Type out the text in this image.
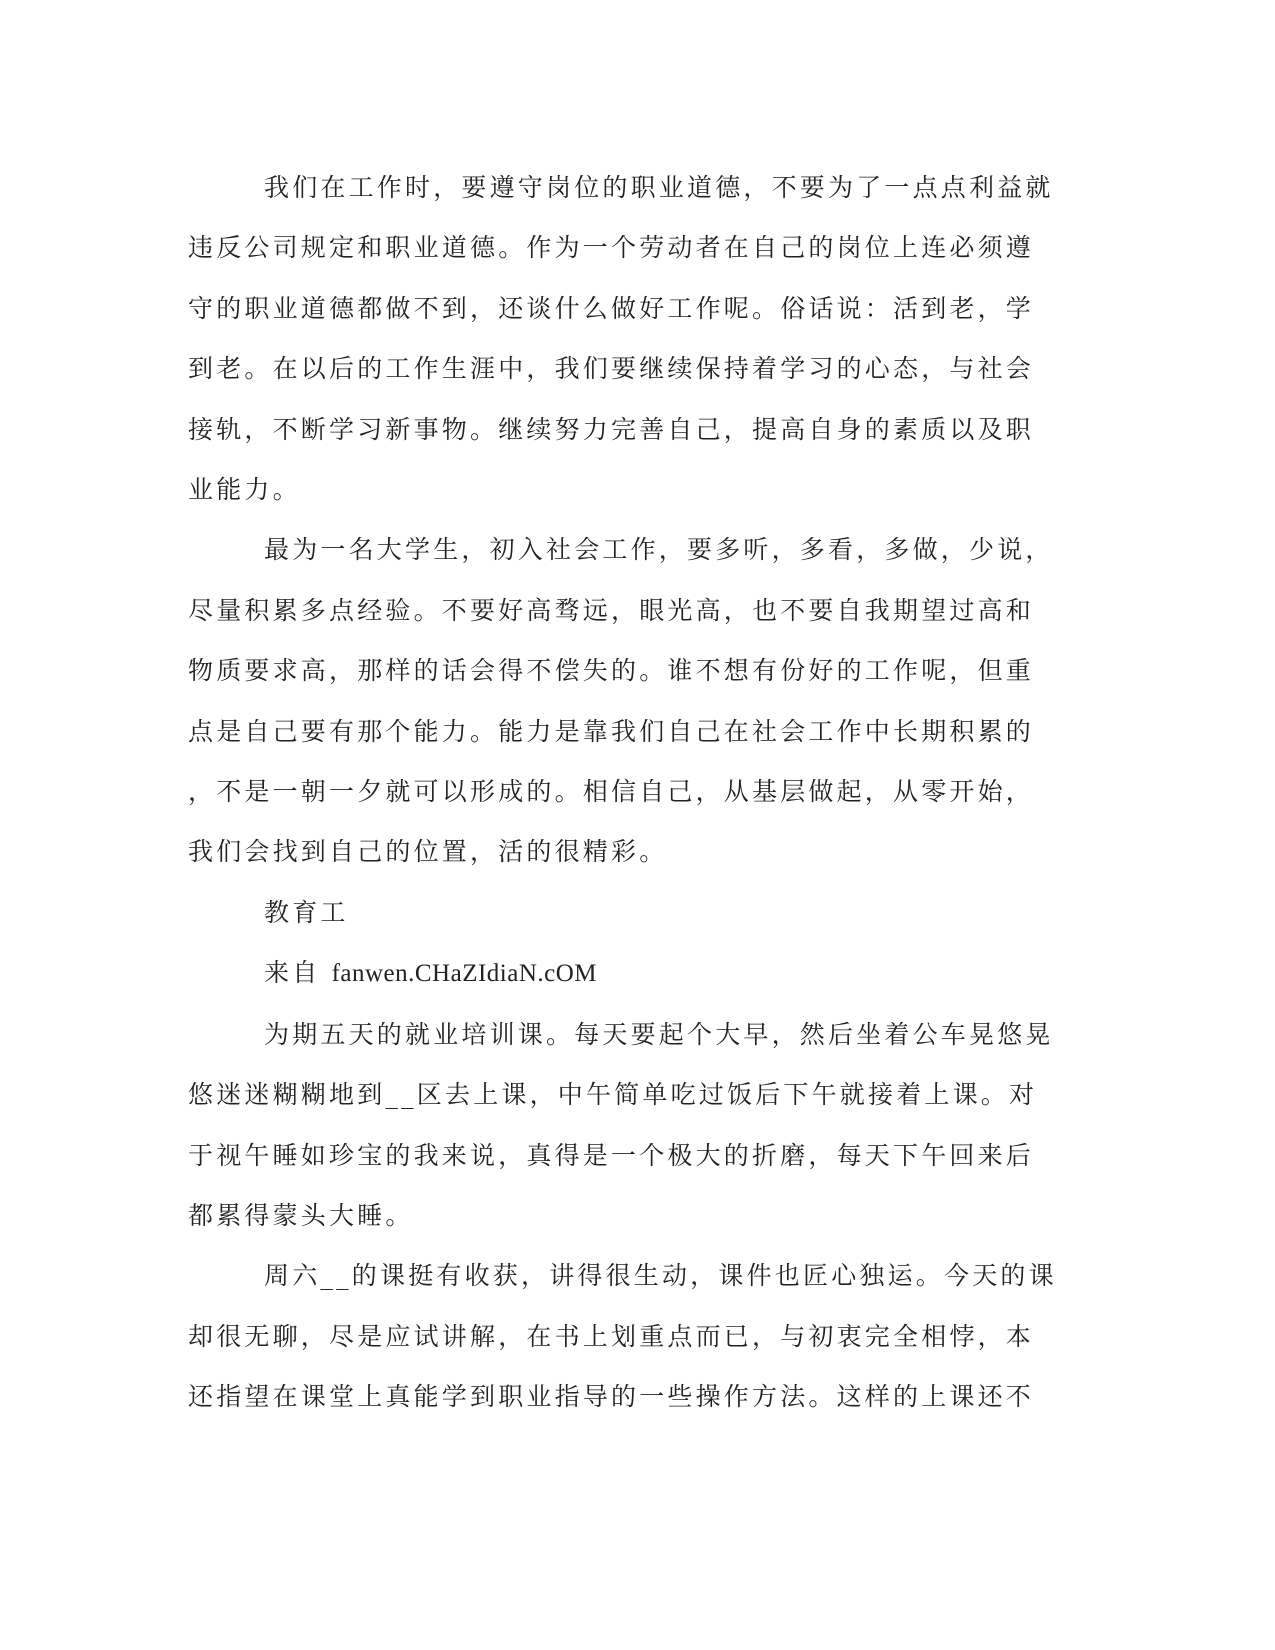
我们在工作时，要遵守岗位的职业道德，不要为了一点点利益就
违反公司规定和职业道德。作为一个劳动者在自己的岗位上连必须遵
守的职业道德都做不到，还谈什么做好工作呢。俗话说：活到老，学
到老。在以后的工作生涯中，我们要继续保持着学习的心态，与社会
接轨，不断学习新事物。继续努力完善自己，提高自身的素质以及职
业能力。
最为一名大学生，初入社会工作，要多听，多看，多做，少说，
尽量积累多点经验。不要好高骛远，眼光高，也不要自我期望过高和
物质要求高，那样的话会得不偿失的。谁不想有份好的工作呢，但重
点是自己要有那个能力。能力是靠我们自己在社会工作中长期积累的
，不是一朝一夕就可以形成的。相信自己，从基层做起，从零开始，
我们会找到自己的位置，活的很精彩。
教育工
来自 fanwen.CHaZIdiaN.cOM
为期五天的就业培训课。每天要起个大早，然后坐着公车晃悠晃
悠迷迷糊糊地到__区去上课，中午简单吃过饭后下午就接着上课。对
于视午睡如珍宝的我来说，真得是一个极大的折磨，每天下午回来后
都累得蒙头大睡。
周六__的课挺有收获，讲得很生动，课件也匠心独运。今天的课
却很无聊，尽是应试讲解，在书上划重点而已，与初衷完全相悖，本
还指望在课堂上真能学到职业指导的一些操作方法。这样的上课还不
